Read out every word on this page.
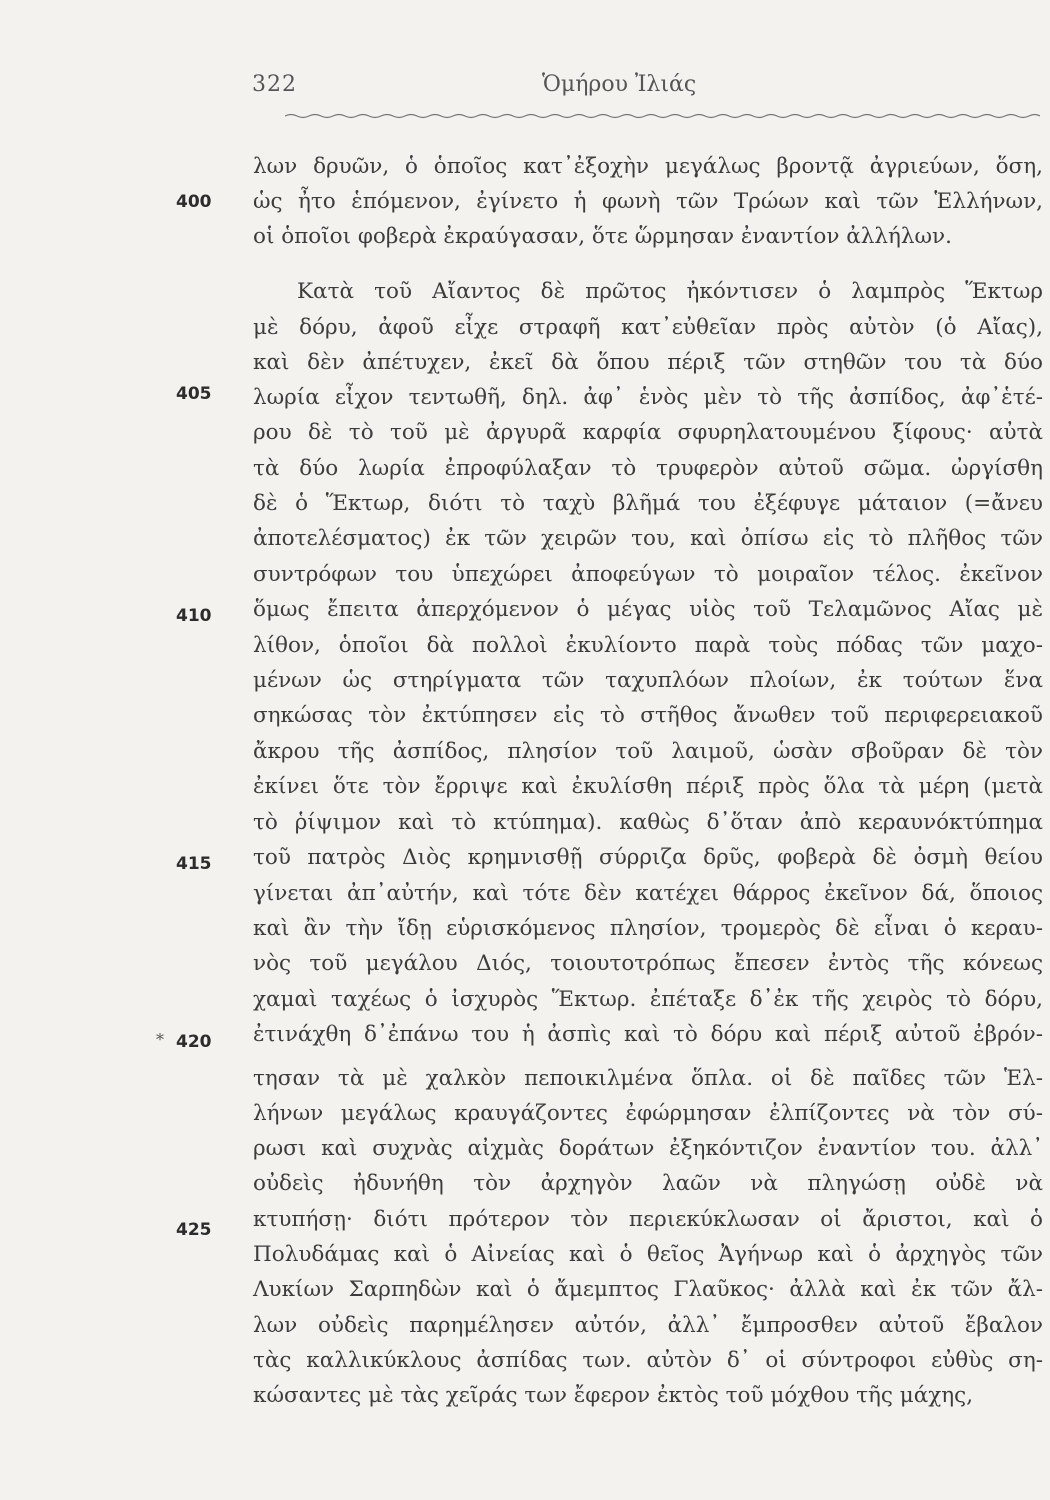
322	Ὁμήρου Ἰλιάς
400
405
410
415
420
425
*
λων δρυῶν, ὁ ὁποῖος κατ᾿ἐξοχὴν μεγάλως βροντᾷ ἀγριεύων, ὅση,
ὡς ἦτο ἑπόμενον, ἐγίνετο ἡ φωνὴ τῶν Τρώων καὶ τῶν Ἑλλήνων,
οἱ ὁποῖοι φοβερὰ ἐκραύγασαν, ὅτε ὥρμησαν ἐναντίον ἀλλήλων.
Κατὰ τοῦ Αἴαντος δὲ πρῶτος ἠκόντισεν ὁ λαμπρὸς Ἕκτωρ
μὲ δόρυ, ἀφοῦ εἶχε στραφῆ κατ᾿εὐθεῖαν πρὸς αὐτὸν (ὁ Αἴας),
καὶ δὲν ἀπέτυχεν, ἐκεῖ δὰ ὅπου πέριξ τῶν στηθῶν του τὰ δύο
λωρία εἶχον τεντωθῆ, δηλ. ἀφ᾿ ἑνὸς μὲν τὸ τῆς ἀσπίδος, ἀφ᾿ἑτέ-
ρου δὲ τὸ τοῦ μὲ ἀργυρᾶ καρφία σφυρηλατουμένου ξίφους· αὐτὰ
τὰ δύο λωρία ἐπροφύλαξαν τὸ τρυφερὸν αὐτοῦ σῶμα. ὠργίσθη
δὲ ὁ Ἕκτωρ, διότι τὸ ταχὺ βλῆμά του ἐξέφυγε μάταιον (=ἄνευ
ἀποτελέσματος) ἐκ τῶν χειρῶν του, καὶ ὀπίσω εἰς τὸ πλῆθος τῶν
συντρόφων του ὑπεχώρει ἀποφεύγων τὸ μοιραῖον τέλος. ἐκεῖνον
ὅμως ἔπειτα ἀπερχόμενον ὁ μέγας υἱὸς τοῦ Τελαμῶνος Αἴας μὲ
λίθον, ὁποῖοι δὰ πολλοὶ ἐκυλίοντο παρὰ τοὺς πόδας τῶν μαχο-
μένων ὡς στηρίγματα τῶν ταχυπλόων πλοίων, ἐκ τούτων ἕνα
σηκώσας τὸν ἐκτύπησεν εἰς τὸ στῆθος ἄνωθεν τοῦ περιφερειακοῦ
ἄκρου τῆς ἀσπίδος, πλησίον τοῦ λαιμοῦ, ὡσὰν σβοῦραν δὲ τὸν
ἐκίνει ὅτε τὸν ἔρριψε καὶ ἐκυλίσθη πέριξ πρὸς ὅλα τὰ μέρη (μετὰ
τὸ ῥίψιμον καὶ τὸ κτύπημα). καθὼς δ᾿ὅταν ἀπὸ κεραυνόκτύπημα
τοῦ πατρὸς Διὸς κρημνισθῇ σύρριζα δρῦς, φοβερὰ δὲ ὀσμὴ θείου
γίνεται ἀπ᾿αὐτήν, καὶ τότε δὲν κατέχει θάρρος ἐκεῖνον δά, ὅποιος
καὶ ἂν τὴν ἴδῃ εὑρισκόμενος πλησίον, τρομερὸς δὲ εἶναι ὁ κεραυ-
νὸς τοῦ μεγάλου Διός, τοιουτοτρόπως ἔπεσεν ἐντὸς τῆς κόνεως
χαμαὶ ταχέως ὁ ἰσχυρὸς Ἕκτωρ. ἐπέταξε δ᾿ἐκ τῆς χειρὸς τὸ δόρυ,
ἐτινάχθη δ᾿ἐπάνω του ἡ ἀσπὶς καὶ τὸ δόρυ καὶ πέριξ αὐτοῦ ἐβρόν-
τησαν τὰ μὲ χαλκὸν πεποικιλμένα ὅπλα. οἱ δὲ παῖδες τῶν Ἑλ-
λήνων μεγάλως κραυγάζοντες ἐφώρμησαν ἐλπίζοντες νὰ τὸν σύ-
ρωσι καὶ συχνὰς αἰχμὰς δοράτων ἐξηκόντιζον ἐναντίον του. ἀλλ᾿
οὐδεὶς ἠδυνήθη τὸν ἀρχηγὸν λαῶν νὰ πληγώσῃ οὐδὲ νὰ
κτυπήσῃ· διότι πρότερον τὸν περιεκύκλωσαν οἱ ἄριστοι, καὶ ὁ
Πολυδάμας καὶ ὁ Αἰνείας καὶ ὁ θεῖος Ἀγήνωρ καὶ ὁ ἀρχηγὸς τῶν
Λυκίων Σαρπηδὼν καὶ ὁ ἄμεμπτος Γλαῦκος· ἀλλὰ καὶ ἐκ τῶν ἄλ-
λων οὐδεὶς παρημέλησεν αὐτόν, ἀλλ᾿ ἔμπροσθεν αὐτοῦ ἔβαλον
τὰς καλλικύκλους ἀσπίδας των. αὐτὸν δ᾿ οἱ σύντροφοι εὐθὺς ση-
κώσαντες μὲ τὰς χεῖράς των ἔφερον ἐκτὸς τοῦ μόχθου τῆς μάχης,
